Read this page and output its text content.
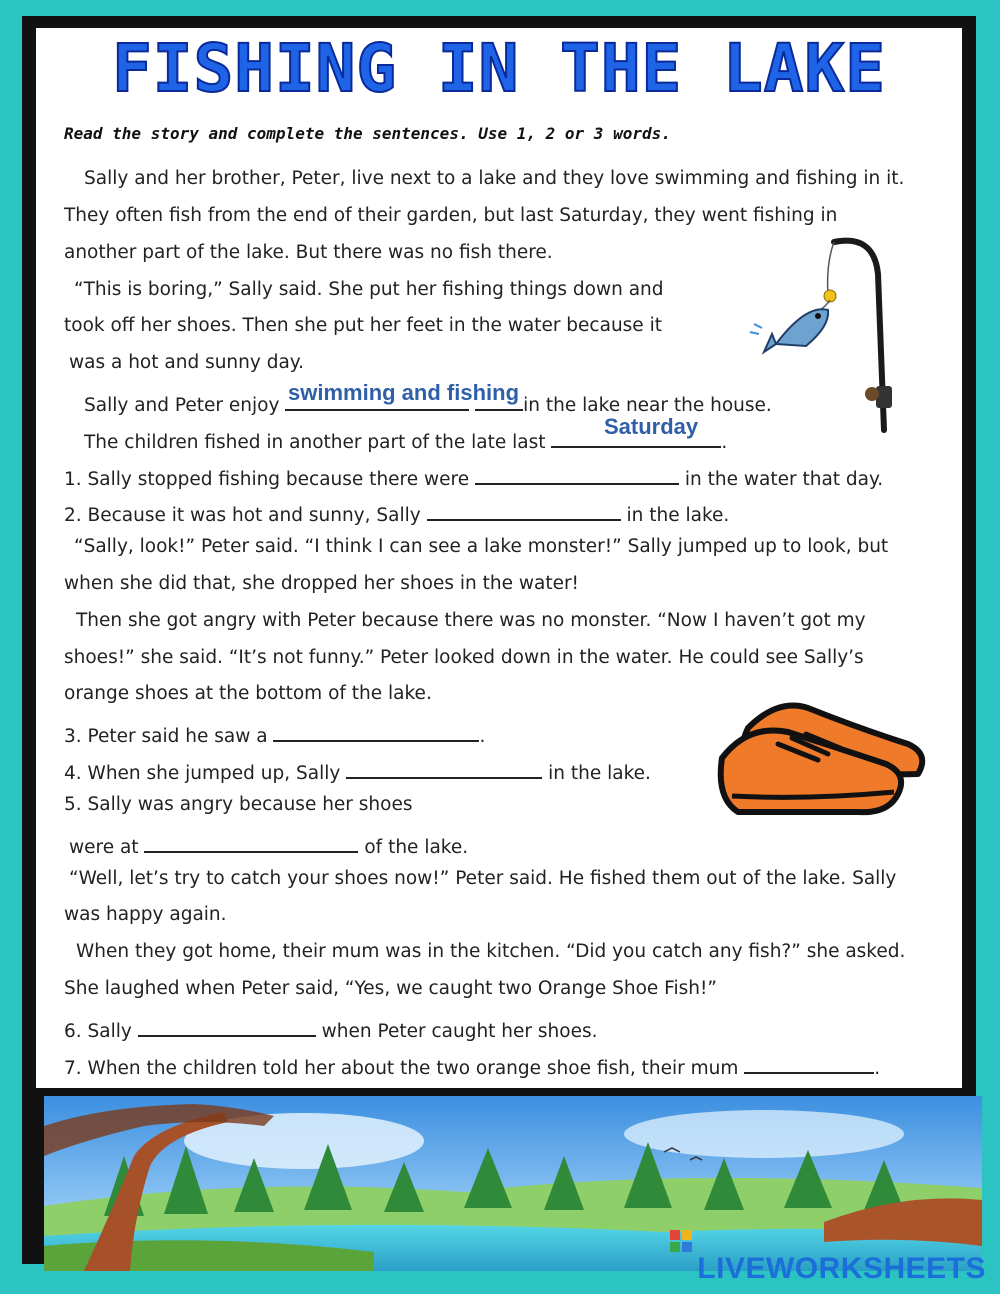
FISHING IN THE LAKE
Read the story and complete the sentences. Use 1, 2 or 3 words.
Sally and her brother, Peter, live next to a lake and they love swimming and fishing in it.
They often fish from the end of their garden, but last Saturday, they went fishing in
another part of the lake. But there was no fish there.
“This is boring,” Sally said. She put her fishing things down and
took off her shoes. Then she put her feet in the water because it
was a hot and sunny day.
Sally and Peter enjoy	in the lake near the house.
swimming and fishing
The children fished in another part of the late last	.
Saturday
1. Sally stopped fishing because there were	in the water that day.
2. Because it was hot and sunny, Sally	in the lake.
“Sally, look!” Peter said. “I think I can see a lake monster!” Sally jumped up to look, but
when she did that, she dropped her shoes in the water!
Then she got angry with Peter because there was no monster. “Now I haven’t got my
shoes!” she said. “It’s not funny.” Peter looked down in the water. He could see Sally’s
orange shoes at the bottom of the lake.
3. Peter said he saw a	.
4. When she jumped up, Sally	in the lake.
5. Sally was angry because her shoes
were at	of the lake.
“Well, let’s try to catch your shoes now!” Peter said. He fished them out of the lake. Sally
was happy again.
When they got home, their mum was in the kitchen. “Did you catch any fish?” she asked.
She laughed when Peter said, “Yes, we caught two Orange Shoe Fish!”
6. Sally	when Peter caught her shoes.
7. When the children told her about the two orange shoe fish, their mum	.
LIVEWORKSHEETS
